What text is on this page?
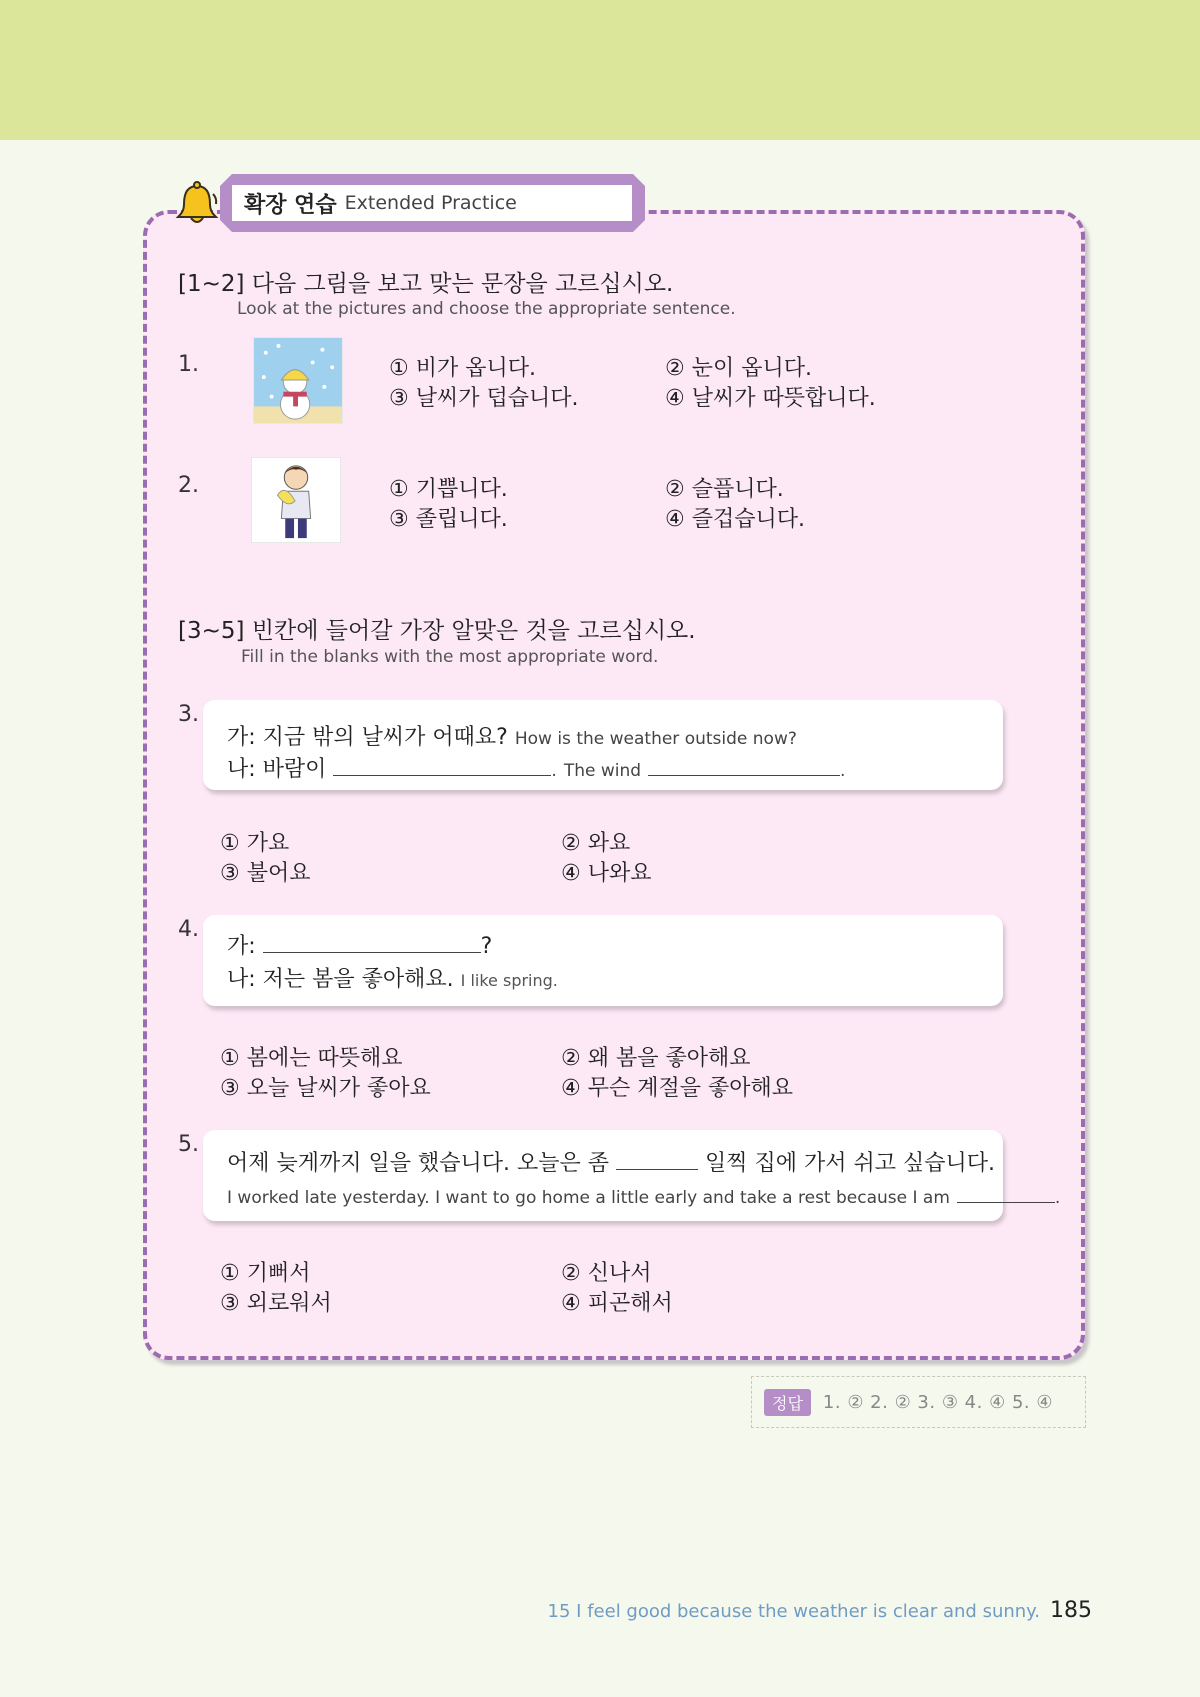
확장 연습 Extended Practice
[1~2] 다음 그림을 보고 맞는 문장을 고르십시오.
Look at the pictures and choose the appropriate sentence.
1.	① 비가 옵니다.	② 눈이 옵니다.
③ 날씨가 덥습니다.	④ 날씨가 따뜻합니다.
2.	① 기쁩니다.	② 슬픕니다.
③ 졸립니다.	④ 즐겁습니다.
[3~5] 빈칸에 들어갈 가장 알맞은 것을 고르십시오.
Fill in the blanks with the most appropriate word.
3.
가: 지금 밖의 날씨가 어때요? How is the weather outside now?
나: 바람이	. The wind	.
① 가요	② 와요
③ 불어요	④ 나와요
4.
가:	?
나: 저는 봄을 좋아해요. I like spring.
① 봄에는 따뜻해요	② 왜 봄을 좋아해요
③ 오늘 날씨가 좋아요	④ 무슨 계절을 좋아해요
5.
어제 늦게까지 일을 했습니다. 오늘은 좀	일찍 집에 가서 쉬고 싶습니다.
I worked late yesterday. I want to go home a little early and take a rest because I am	.
① 기뻐서	② 신나서
③ 외로워서	④ 피곤해서
정답	1. ② 2. ② 3. ③ 4. ④ 5. ④
15 I feel good because the weather is clear and sunny. 185
